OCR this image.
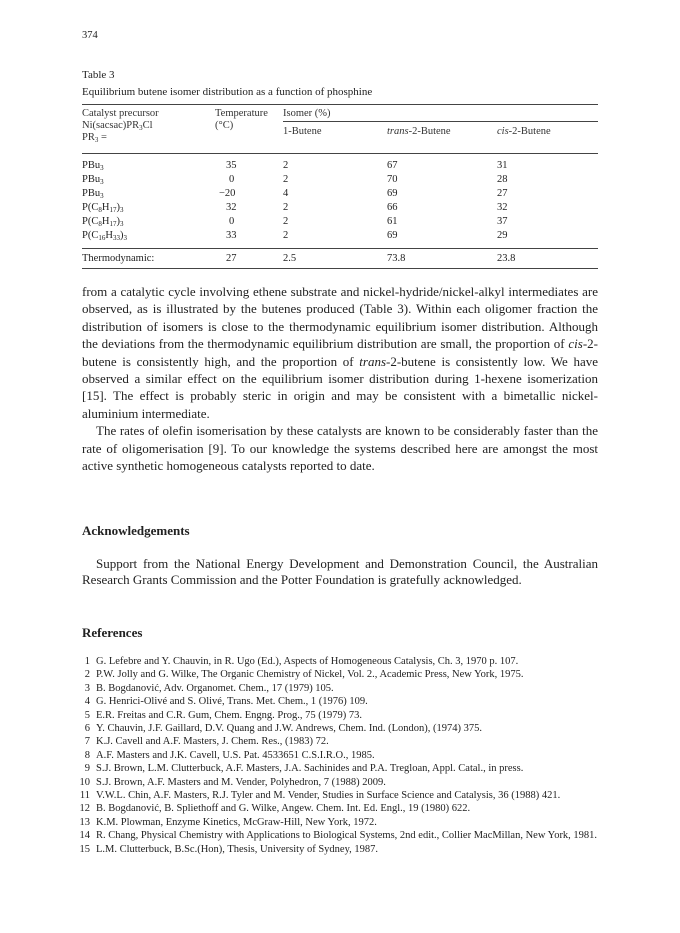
374
Table 3
Equilibrium butene isomer distribution as a function of phosphine
Catalyst precursor
$Ni(sacsac)PR_3Cl$
$PR_3$ =
Temperature
(°C)
Isomer (%)
1-Butene	trans-2-Butene	cis-2-Butene
PBu$_3$	35	2	67	31
PBu$_3$	0	2	70	28
PBu$_3$	−20	4	69	27
$P(C_8H_{17})_3$	32	2	66	32
$P(C_8H_{17})_3$	0	2	61	37
$P(C_{16}H_{33})_3$	33	2	69	29
Thermodynamic:	27	2.5	73.8	23.8

from a catalytic cycle involving ethene substrate and nickel-hydride/nickel-alkyl intermediates are observed, as is illustrated by the butenes produced (Table 3). Within each oligomer fraction the distribution of isomers is close to the thermodynamic equilibrium isomer distribution. Although the deviations from the thermodynamic equilibrium distribution are small, the proportion of cis-2-butene is consistently high, and the proportion of trans-2-butene is consistently low. We have observed a similar effect on the equilibrium isomer distribution during 1-hexene isomerization [15]. The effect is probably steric in origin and may be consistent with a bimetallic nickel-aluminium intermediate.

The rates of olefin isomerisation by these catalysts are known to be considerably faster than the rate of oligomerisation [9]. To our knowledge the systems described here are amongst the most active synthetic homogeneous catalysts reported to date.

Acknowledgements
Support from the National Energy Development and Demonstration Council, the Australian Research Grants Commission and the Potter Foundation is gratefully acknowledged.
References
1 G. Lefebre and Y. Chauvin, in R. Ugo (Ed.), Aspects of Homogeneous Catalysis, Ch. 3, 1970 p. 107.
2 P.W. Jolly and G. Wilke, The Organic Chemistry of Nickel, Vol. 2., Academic Press, New York, 1975.
3 B. Bogdanović, Adv. Organomet. Chem., 17 (1979) 105.
4 G. Henrici-Olivé and S. Olivé, Trans. Met. Chem., 1 (1976) 109.
5 E.R. Freitas and C.R. Gum, Chem. Engng. Prog., 75 (1979) 73.
6 Y. Chauvin, J.F. Gaillard, D.V. Quang and J.W. Andrews, Chem. Ind. (London), (1974) 375.
7 K.J. Cavell and A.F. Masters, J. Chem. Res., (1983) 72.
8 A.F. Masters and J.K. Cavell, U.S. Pat. 4533651 C.S.I.R.O., 1985.
9 S.J. Brown, L.M. Clutterbuck, A.F. Masters, J.A. Sachinides and P.A. Tregloan, Appl. Catal., in press.
10 S.J. Brown, A.F. Masters and M. Vender, Polyhedron, 7 (1988) 2009.
11 V.W.L. Chin, A.F. Masters, R.J. Tyler and M. Vender, Studies in Surface Science and Catalysis, 36 (1988) 421.
12 B. Bogdanović, B. Spliethoff and G. Wilke, Angew. Chem. Int. Ed. Engl., 19 (1980) 622.
13 K.M. Plowman, Enzyme Kinetics, McGraw-Hill, New York, 1972.
14 R. Chang, Physical Chemistry with Applications to Biological Systems, 2nd edit., Collier MacMillan, New York, 1981.
15 L.M. Clutterbuck, B.Sc.(Hon), Thesis, University of Sydney, 1987.
